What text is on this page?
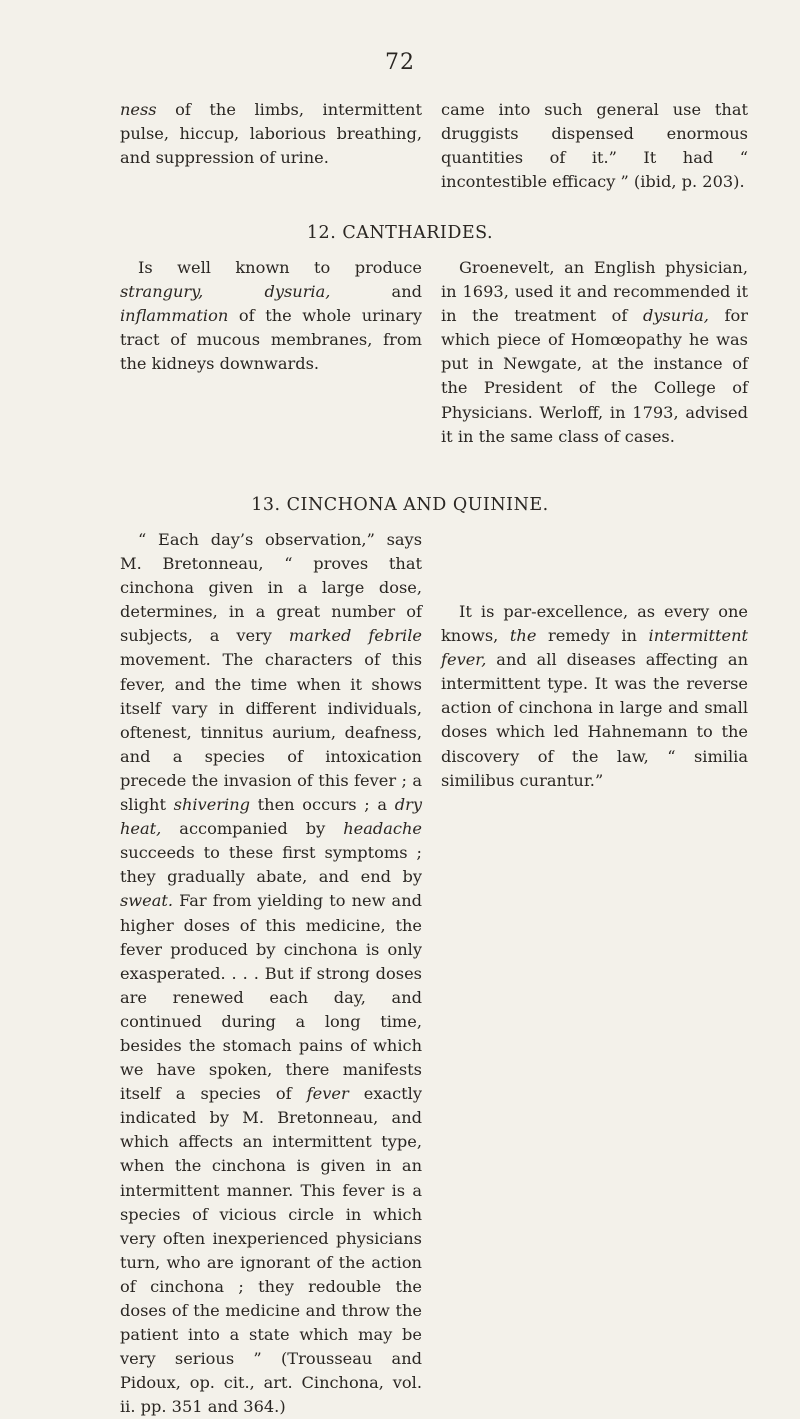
72

ness of the limbs, intermittent pulse, hiccup, laborious breathing, and suppression of urine.

came into such general use that druggists dispensed enormous quantities of it.” It had “ incontestible efficacy ” (ibid, p. 203).

12. CANTHARIDES.

Is well known to produce strangury,	dysuria, and inflammation of the whole urinary tract of mucous membranes, from the kidneys downwards.

Groenevelt, an English physician, in 1693, used it and recommended it in the treatment of dysuria, for which piece of Homœopathy he was put in Newgate, at the instance of the President of the College of Physicians. Werloff, in 1793, advised it in the same class of cases.

13. CINCHONA AND QUININE.

“ Each day’s observation,” says M. Bretonneau, “ proves that cinchona given in a large dose, determines, in a great number of subjects, a very marked febrile movement. The characters of this fever, and the time when it shows itself vary in different individuals, oftenest, tinnitus aurium, deafness, and a species of intoxication precede the invasion of this fever ; a slight shivering then occurs ; a dry heat, accompanied by headache succeeds to these first symptoms ; they gradually abate, and end by sweat. Far from yielding to new and higher doses of this medicine, the fever produced by cinchona is only exasperated. . . . But if strong doses are renewed each day, and continued during a long time, besides the stomach pains of which we have spoken, there manifests itself a species of fever exactly indicated by M. Bretonneau, and which affects an intermittent type, when the cinchona is given in an intermittent manner. This fever is a species of vicious circle in which very often inexperienced physicians turn, who are ignorant of the action of cinchona ; they redouble the doses of the medicine and throw the patient into a state which may be very serious ” (Trousseau and Pidoux, op. cit., art. Cinchona, vol. ii. pp. 351 and 364.)

It is par-excellence, as every one knows, the remedy in intermittent fever, and all diseases affecting an intermittent type. It was the reverse action of cinchona in large and small doses which led Hahnemann to the discovery of the law, “ similia similibus curantur.”
